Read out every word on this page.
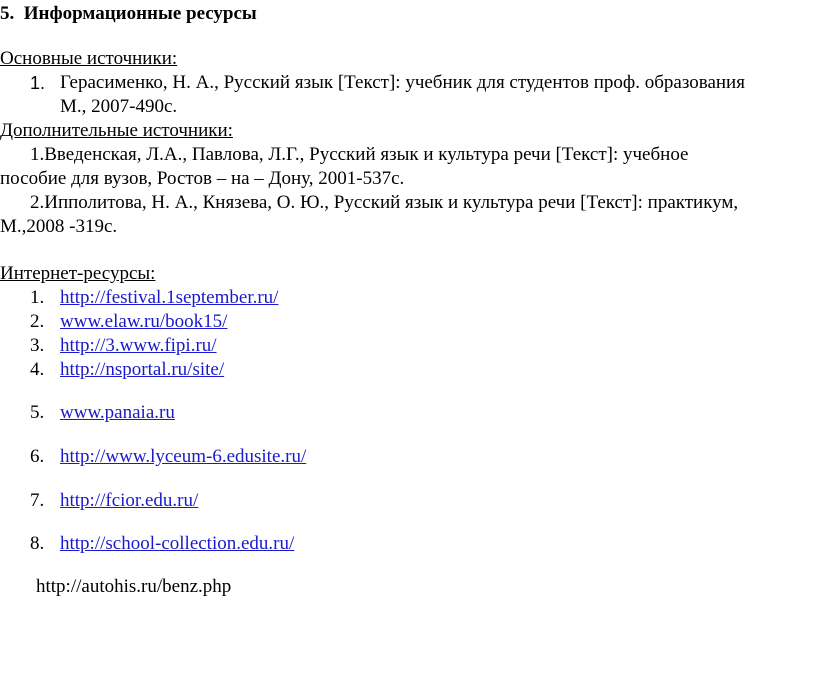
5. Информационные ресурсы
Основные источники:
1. Герасименко, Н. А., Русский язык [Текст]: учебник для студентов проф. образования
М., 2007-490с.
Дополнительные источники:
1.Введенская, Л.А., Павлова, Л.Г., Русский язык и культура речи [Текст]: учебное
пособие для вузов, Ростов – на – Дону, 2001-537с.
2.Ипполитова, Н. А., Князева, О. Ю., Русский язык и культура речи [Текст]: практикум,
М.,2008 -319с.
Интернет-ресурсы:
1. http://festival.1september.ru/
2. www.elaw.ru/book15/
3. http://3.www.fipi.ru/
4. http://nsportal.ru/site/
5. www.panaia.ru
6. http://www.lyceum-6.edusite.ru/
7. http://fcior.edu.ru/
8. http://school-collection.edu.ru/
http://autohis.ru/benz.php
